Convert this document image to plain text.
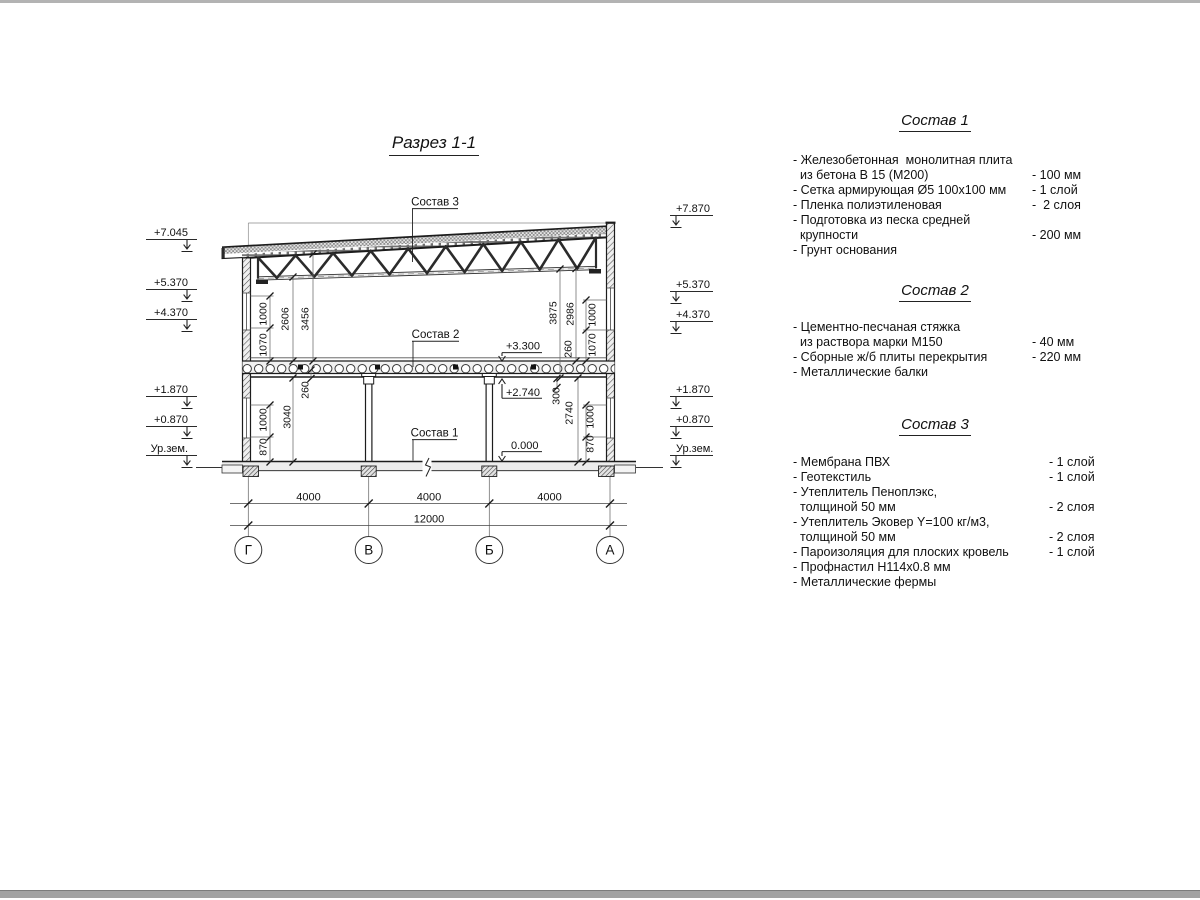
Разрез 1-1
+7.045
+5.370
+4.370
+1.870
+0.870
Ур.зем.
+7.870
+5.370
+4.370
+1.870
+0.870
Ур.зем.
1000
1070
2606 3456
1000
870
3040
260
3875 2986 1000
1070
260
300
2740 1000
870
Состав 3
Состав 2
Состав 1
+3.300
+2.740
0.000
4000	4000	4000
12000
Г	В	Б	А
Состав 1
- Железобетонная  монолитная плита
из бетона В 15 (М200)	- 100 мм
- Сетка армирующая Ø5 100х100 мм - 1 слой
- Пленка полиэтиленовая	-  2 слоя
- Подготовка из песка средней
крупности	- 200 мм
- Грунт основания
Состав 2
- Цементно-песчаная стяжка
из раствора марки М150	- 40 мм
- Сборные ж/б плиты перекрытия	- 220 мм
- Металлические балки
Состав 3
- Мембрана ПВХ	- 1 слой
- Геотекстиль	- 1 слой
- Утеплитель Пеноплэкс,
толщиной 50 мм	- 2 слоя
- Утеплитель Эковер Y=100 кг/м3,
толщиной 50 мм	- 2 слоя
- Пароизоляция для плоских кровель	- 1 слой
- Профнастил Н114х0.8 мм
- Металлические фермы
